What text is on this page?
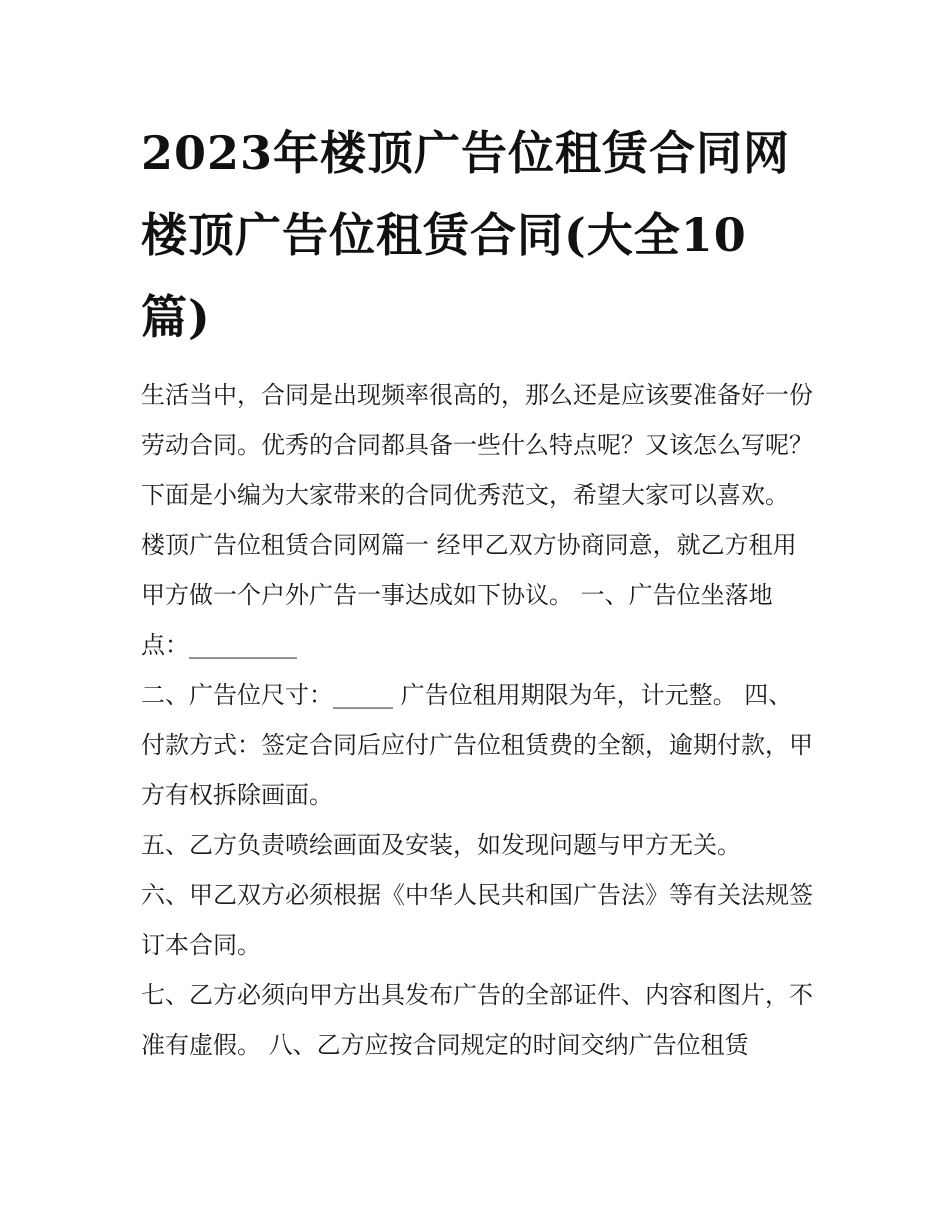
2023年楼顶广告位租赁合同网楼顶广告位租赁合同(大全10篇)

生活当中，合同是出现频率很高的，那么还是应该要准备好一份劳动合同。优秀的合同都具备一些什么特点呢？又该怎么写呢？下面是小编为大家带来的合同优秀范文，希望大家可以喜欢。

楼顶广告位租赁合同网篇一 经甲乙双方协商同意，就乙方租用甲方做一个户外广告一事达成如下协议。 一、广告位坐落地点：_________

二、广告位尺寸：_____ 广告位租用期限为年，计元整。 四、付款方式：签定合同后应付广告位租赁费的全额，逾期付款，甲方有权拆除画面。

五、乙方负责喷绘画面及安装，如发现问题与甲方无关。

六、甲乙双方必须根据《中华人民共和国广告法》等有关法规签订本合同。

七、乙方必须向甲方出具发布广告的全部证件、内容和图片，不准有虚假。 八、乙方应按合同规定的时间交纳广告位租赁
